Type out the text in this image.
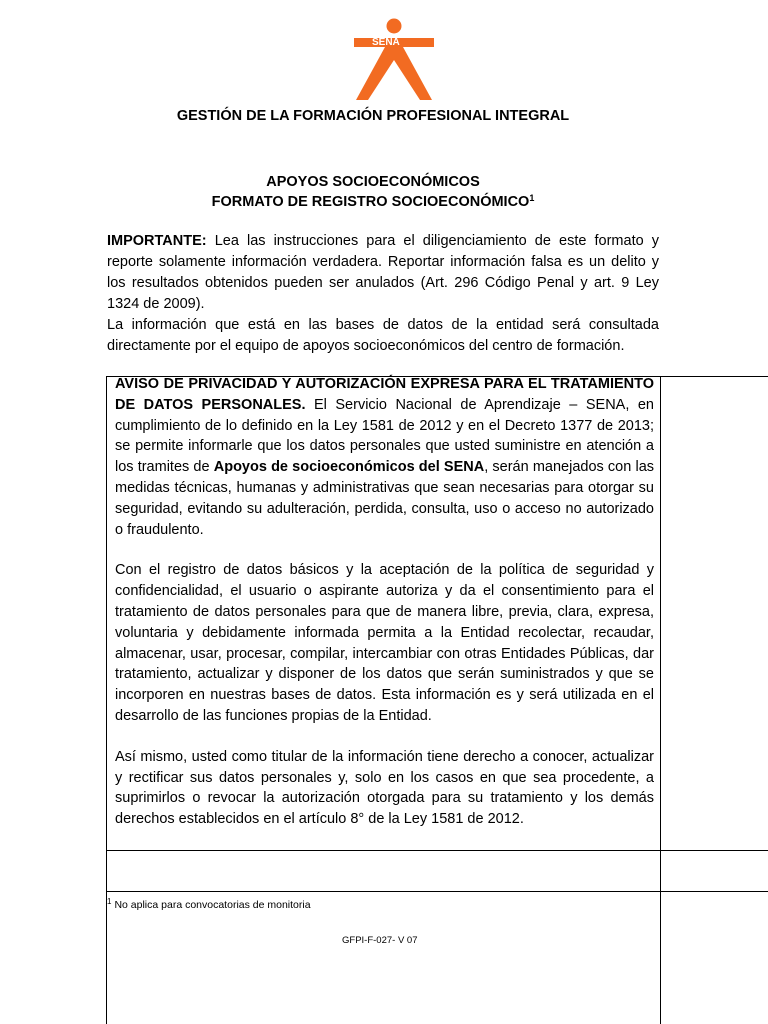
SENA
GESTIÓN DE LA FORMACIÓN PROFESIONAL INTEGRAL
APOYOS SOCIOECONÓMICOS
FORMATO DE REGISTRO SOCIOECONÓMICO$^1$

IMPORTANTE: Lea las instrucciones para el diligenciamiento de este formato y reporte solamente información verdadera. Reportar información falsa es un delito y los resultados obtenidos pueden ser anulados (Art. 296 Código Penal y art. 9 Ley 1324 de 2009).

La información que está en las bases de datos de la entidad será consultada directamente por el equipo de apoyos socioeconómicos del centro de formación.

AVISO DE PRIVACIDAD Y AUTORIZACIÓN EXPRESA PARA EL TRATAMIENTO DE DATOS PERSONALES. El Servicio Nacional de Aprendizaje – SENA, en cumplimiento de lo definido en la Ley 1581 de 2012 y en el Decreto 1377 de 2013; se permite informarle que los datos personales que usted suministre en atención a los tramites de Apoyos de socioeconómicos del SENA, serán manejados con las medidas técnicas, humanas y administrativas que sean necesarias para otorgar su seguridad, evitando su adulteración, perdida, consulta, uso o acceso no autorizado o fraudulento.

Con el registro de datos básicos y la aceptación de la política de seguridad y confidencialidad, el usuario o aspirante autoriza y da el consentimiento para el tratamiento de datos personales para que de manera libre, previa, clara, expresa, voluntaria y debidamente informada permita a la Entidad recolectar, recaudar, almacenar, usar, procesar, compilar, intercambiar con otras Entidades Públicas, dar tratamiento, actualizar y disponer de los datos que serán suministrados y que se incorporen en nuestras bases de datos. Esta información es y será utilizada en el desarrollo de las funciones propias de la Entidad.

Así mismo, usted como titular de la información tiene derecho a conocer, actualizar y rectificar sus datos personales y, solo en los casos en que sea procedente, a suprimirlos o revocar la autorización otorgada para su tratamiento y los demás derechos establecidos en el artículo 8° de la Ley 1581 de 2012.

$^1$ No aplica para convocatorias de monitoria
GFPI-F-027- V 07
